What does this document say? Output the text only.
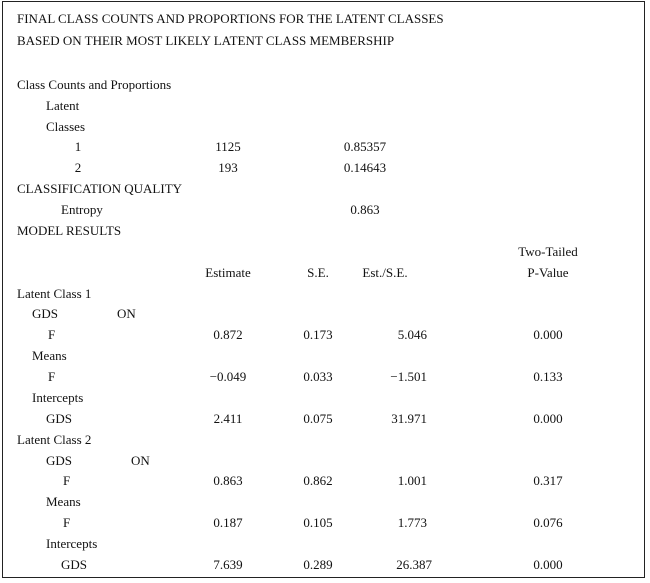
FINAL CLASS COUNTS AND PROPORTIONS FOR THE LATENT CLASSES
BASED ON THEIR MOST LIKELY LATENT CLASS MEMBERSHIP
Class Counts and Proportions
Latent
Classes
1	1125	0.85357
2	193	0.14643
CLASSIFICATION QUALITY
Entropy	0.863
MODEL RESULTS
Two-Tailed
Estimate	S.E.	Est./S.E.	P-Value
Latent Class 1
GDS	ON
F	0.872	0.173	5.046	0.000
Means
F	−0.049	0.033	−1.501	0.133
Intercepts
GDS	2.411	0.075	31.971	0.000
Latent Class 2
GDS	ON
F	0.863	0.862	1.001	0.317
Means
F	0.187	0.105	1.773	0.076
Intercepts
GDS	7.639	0.289	26.387	0.000
